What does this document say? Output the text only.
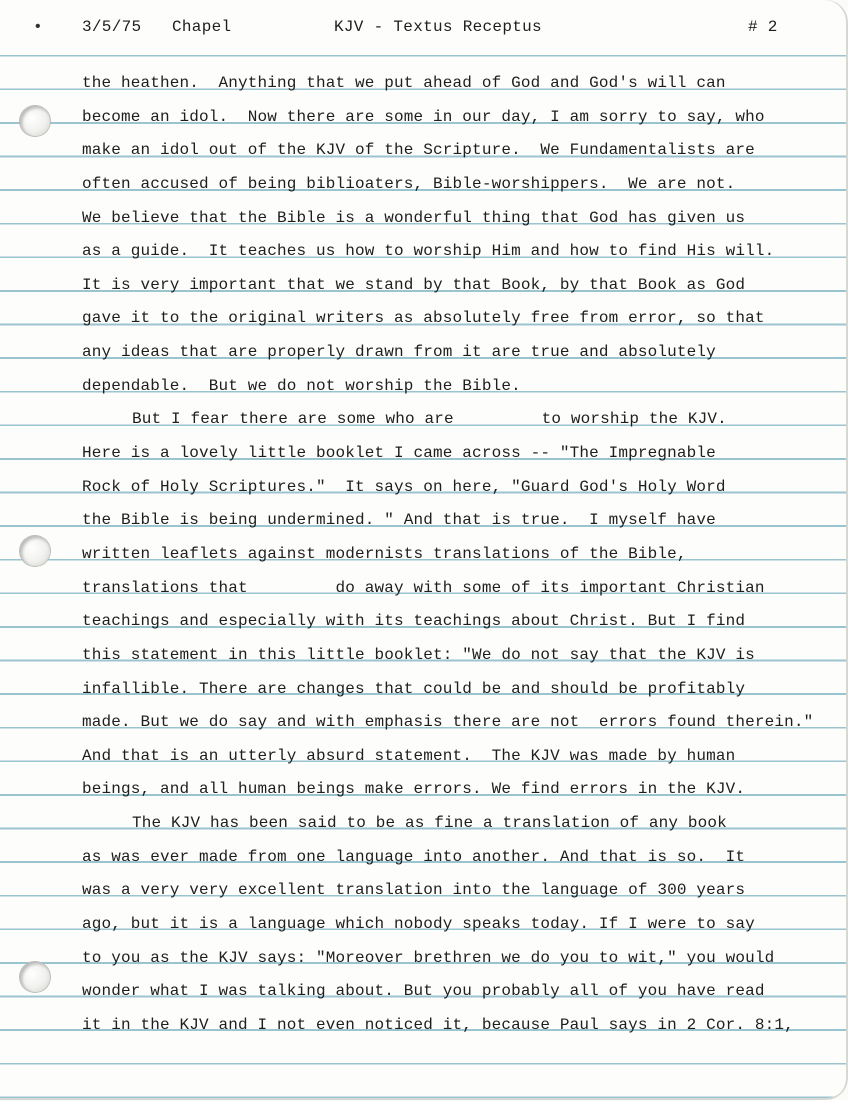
• 3/5/75 Chapel	KJV - Textus Receptus	# 2
the heathen.  Anything that we put ahead of God and God's will can
become an idol.  Now there are some in our day, I am sorry to say, who
make an idol out of the KJV of the Scripture.  We Fundamentalists are
often accused of being biblioaters, Bible-worshippers.  We are not.
We believe that the Bible is a wonderful thing that God has given us
as a guide.  It teaches us how to worship Him and how to find His will.
It is very important that we stand by that Book, by that Book as God
gave it to the original writers as absolutely free from error, so that
any ideas that are properly drawn from it are true and absolutely
dependable.  But we do not worship the Bible.
But I fear there are some who are         to worship the KJV.
Here is a lovely little booklet I came across -- "The Impregnable
Rock of Holy Scriptures."  It says on here, "Guard God's Holy Word
the Bible is being undermined. " And that is true.  I myself have
written leaflets against modernists translations of the Bible,
translations that         do away with some of its important Christian
teachings and especially with its teachings about Christ. But I find
this statement in this little booklet: "We do not say that the KJV is
infallible. There are changes that could be and should be profitably
made. But we do say and with emphasis there are not  errors found therein."
And that is an utterly absurd statement.  The KJV was made by human
beings, and all human beings make errors. We find errors in the KJV.
The KJV has been said to be as fine a translation of any book
as was ever made from one language into another. And that is so.  It
was a very very excellent translation into the language of 300 years
ago, but it is a language which nobody speaks today. If I were to say
to you as the KJV says: "Moreover brethren we do you to wit," you would
wonder what I was talking about. But you probably all of you have read
it in the KJV and I not even noticed it, because Paul says in 2 Cor. 8:1,
